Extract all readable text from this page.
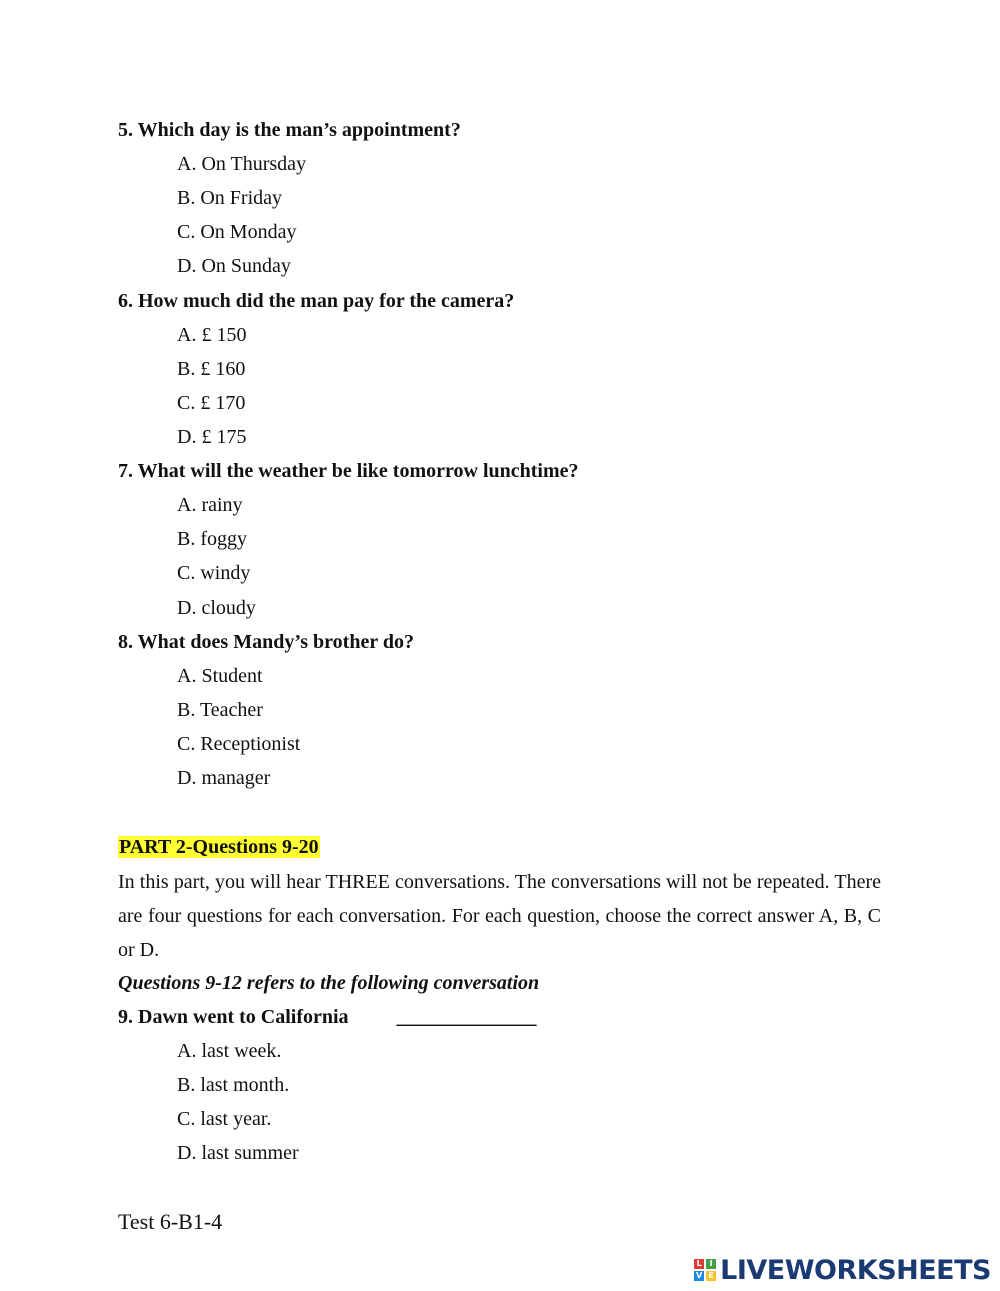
5. Which day is the man’s appointment?
A. On Thursday
B. On Friday
C. On Monday
D. On Sunday
6. How much did the man pay for the camera?
A. £ 150
B. £ 160
C. £ 170
D. £ 175
7. What will the weather be like tomorrow lunchtime?
A. rainy
B. foggy
C. windy
D. cloudy
8. What does Mandy’s brother do?
A. Student
B. Teacher
C. Receptionist
D. manager
PART 2-Questions 9-20
In this part, you will hear THREE conversations. The conversations will not be repeated. There are four questions for each conversation. For each question, choose the correct answer A, B, C or D.
Questions 9-12 refers to the following conversation
9. Dawn went to California ______________
A. last week.
B. last month.
C. last year.
D. last summer
Test 6-B1-4
L I
V E LIVEWORKSHEETS
